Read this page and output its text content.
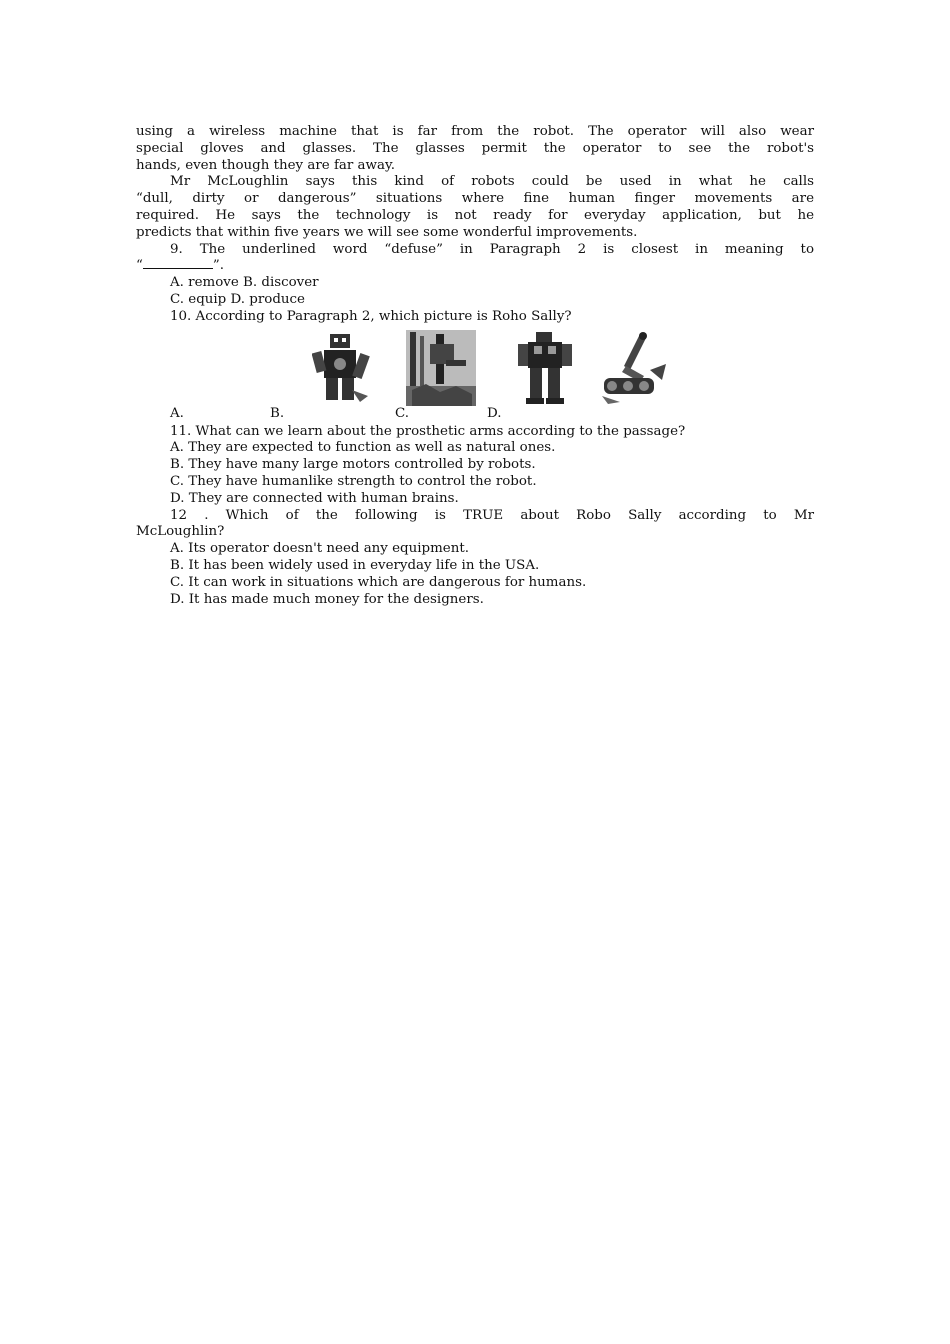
using a wireless machine that is far from the robot. The operator will also wear
special gloves and glasses. The glasses permit the operator to see the robot's
hands, even though they are far away.
Mr McLoughlin says this kind of robots could be used in what he calls
“dull, dirty or dangerous” situations where fine human finger movements are
required. He says the technology is not ready for everyday application, but he
predicts that within five years we will see some wonderful improvements.
9. The underlined word “defuse” in Paragraph 2 is closest in meaning to
“	”.
A. remove B. discover
C. equip D. produce
10. According to Paragraph 2, which picture is Roho Sally?
A.	B.	C.	D.
11. What can we learn about the prosthetic arms according to the passage?
A. They are expected to function as well as natural ones.
B. They have many large motors controlled by robots.
C. They have humanlike strength to control the robot.
D. They are connected with human brains.
12 . Which of the following is TRUE about Robo Sally according to Mr
McLoughlin?
A. Its operator doesn't need any equipment.
B. It has been widely used in everyday life in the USA.
C. It can work in situations which are dangerous for humans.
D. It has made much money for the designers.
